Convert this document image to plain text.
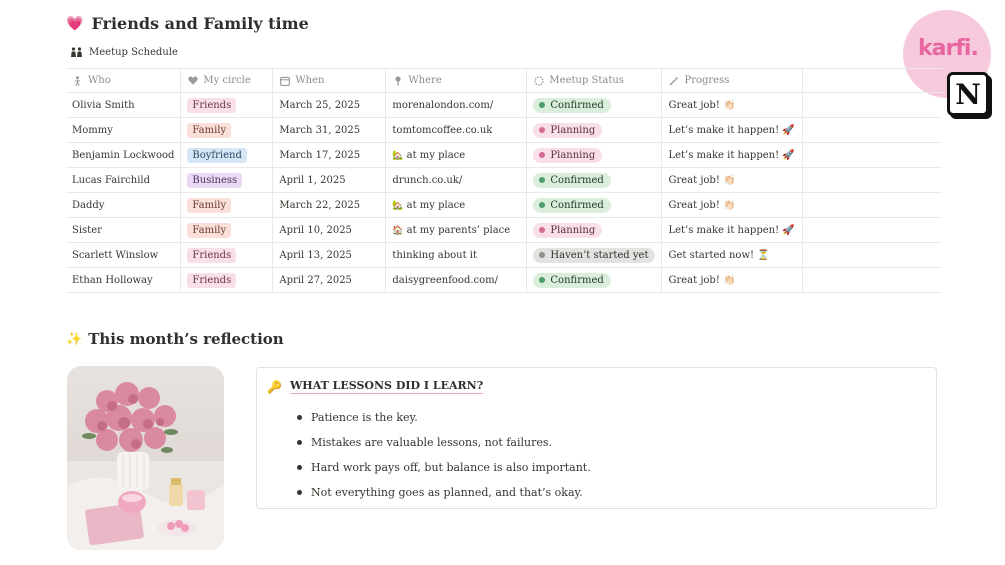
💗 Friends and Family time
Meetup Schedule	karfi.
N
Who	My circle	When	Where	Meetup Status	Progress	

Olivia Smith	Friends	March 25, 2025	morenalondon.com/	Confirmed	Great job! 👏🏻	
Mommy	Family	March 31, 2025	tomtomcoffee.co.uk	Planning	Let’s make it happen! 🚀	
Benjamin Lockwood	Boyfriend	March 17, 2025	🏡 at my place	Planning	Let’s make it happen! 🚀	
Lucas Fairchild	Business	April 1, 2025	drunch.co.uk/	Confirmed	Great job! 👏🏻	
Daddy	Family	March 22, 2025	🏡 at my place	Confirmed	Great job! 👏🏻	
Sister	Family	April 10, 2025	🏠 at my parents’ place	Planning	Let’s make it happen! 🚀	
Scarlett Winslow	Friends	April 13, 2025	thinking about it	Haven’t started yet	Get started now! ⏳	
Ethan Holloway	Friends	April 27, 2025	daisygreenfood.com/	Confirmed	Great job! 👏🏻	
✨ This month’s reflection
🔑 WHAT LESSONS DID I LEARN?
Patience is the key.
Mistakes are valuable lessons, not failures.
Hard work pays off, but balance is also important.
Not everything goes as planned, and that’s okay.
